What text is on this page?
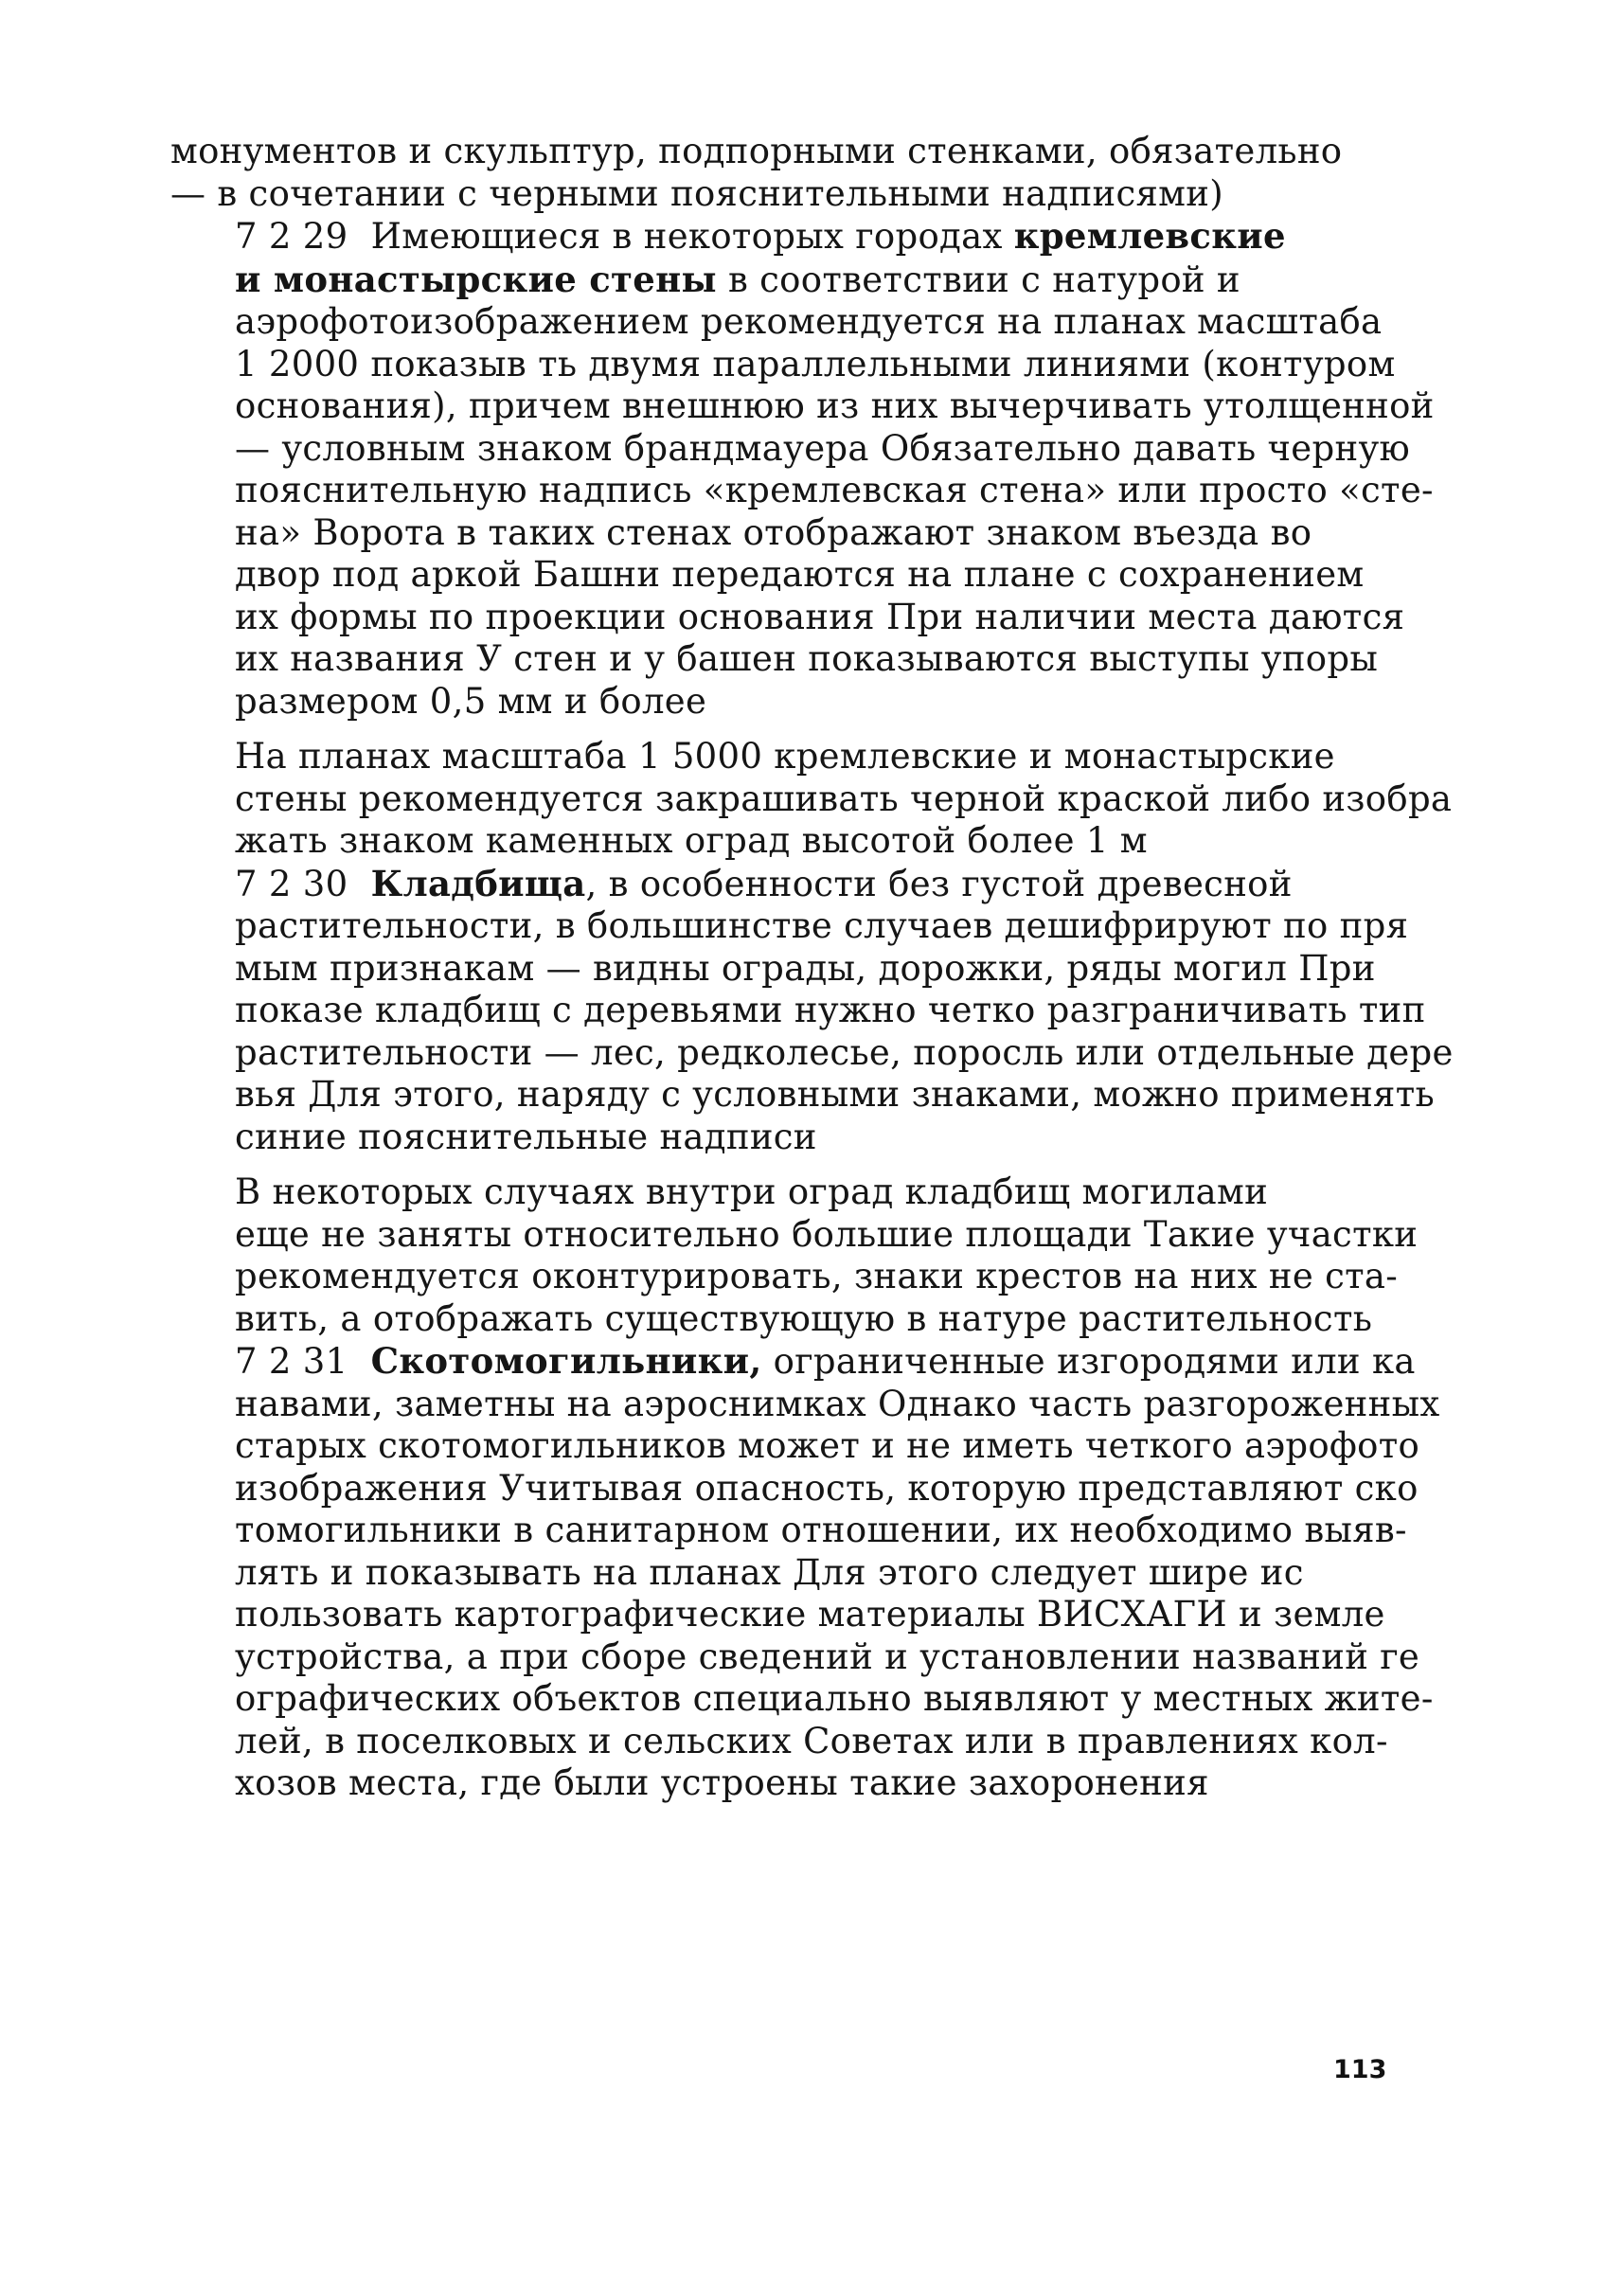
монументов и скульптур, подпорными стенками, обязательно
— в сочетании с черными пояснительными надписями)

7 2 29 Имеющиеся в некоторых городах кремлевские
и монастырские стены в соответствии с натурой и
аэрофотоизображением рекомендуется на планах масштаба
1 2000 показыв ть двумя параллельными линиями (контуром
основания), причем внешнюю из них вычерчивать утолщенной
— условным знаком брандмауера Обязательно давать черную
пояснительную надпись «кремлевская стена» или просто «сте-
на» Ворота в таких стенах отображают знаком въезда во
двор под аркой Башни передаются на плане с сохранением
их формы по проекции основания При наличии места даются
их названия У стен и у башен показываются выступы упоры
размером 0,5 мм и более

На планах масштаба 1 5000 кремлевские и монастырские
стены рекомендуется закрашивать черной краской либо изобра
жать знаком каменных оград высотой более 1 м

7 2 30 Кладбища, в особенности без густой древесной
растительности, в большинстве случаев дешифрируют по пря
мым признакам — видны ограды, дорожки, ряды могил При
показе кладбищ с деревьями нужно четко разграничивать тип
растительности — лес, редколесье, поросль или отдельные дере
вья Для этого, наряду с условными знаками, можно применять
синие пояснительные надписи

В некоторых случаях внутри оград кладбищ могилами
еще не заняты относительно большие площади Такие участки
рекомендуется оконтурировать, знаки крестов на них не ста-
вить, а отображать существующую в натуре растительность

7 2 31 Скотомогильники, ограниченные изгородями или ка
навами, заметны на аэроснимках Однако часть разгороженных
старых скотомогильников может и не иметь четкого аэрофото
изображения Учитывая опасность, которую представляют ско
томогильники в санитарном отношении, их необходимо выяв-
лять и показывать на планах Для этого следует шире ис
пользовать картографические материалы ВИСХАГИ и земле
устройства, а при сборе сведений и установлении названий ге
ографических объектов специально выявляют у местных жите-
лей, в поселковых и сельских Советах или в правлениях кол-
хозов места, где были устроены такие захоронения

113
